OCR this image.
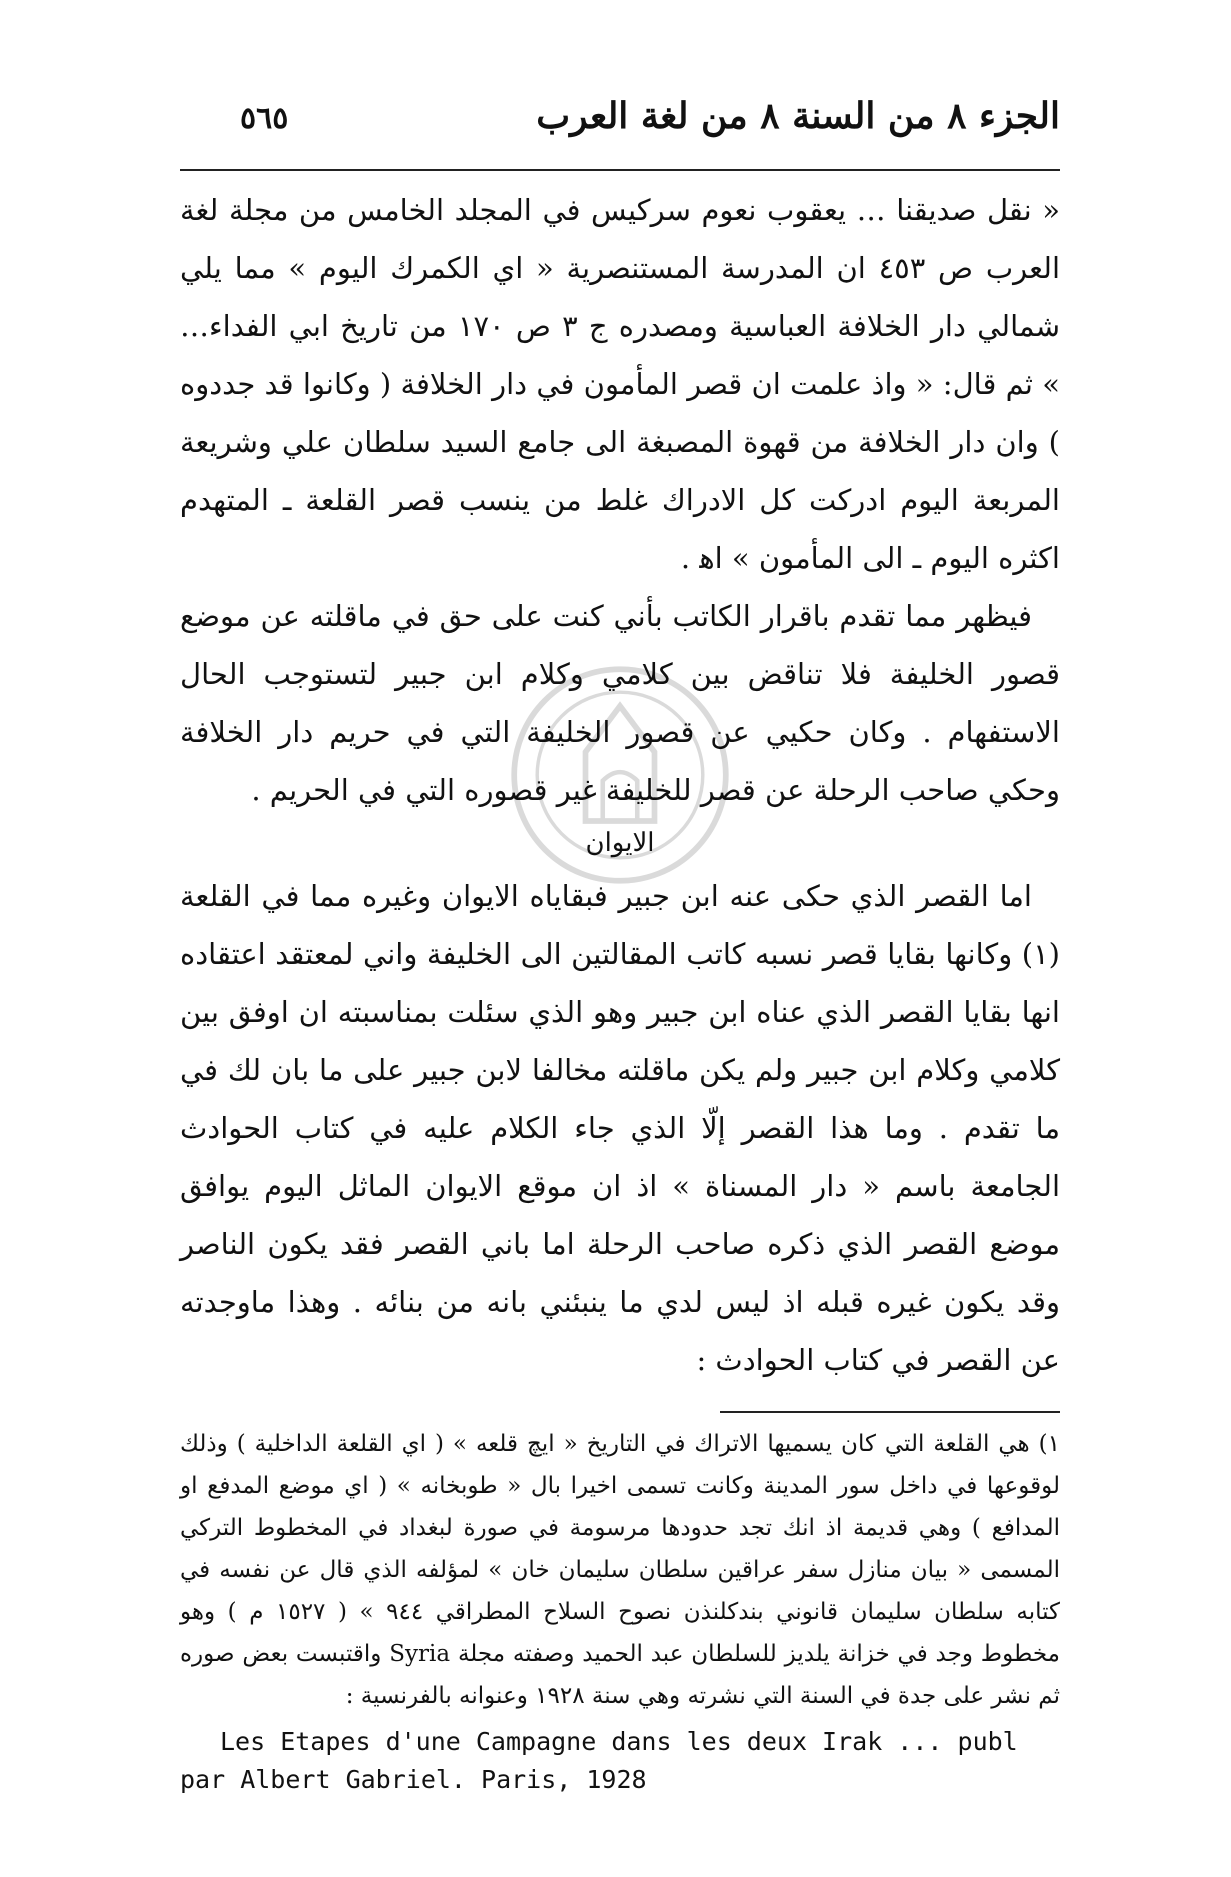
الجزء ٨ من السنة ٨ من لغة العرب
٥٦٥

« نقل صديقنا … يعقوب نعوم سركيس في المجلد الخامس من مجلة لغة العرب ص ٤٥٣ ان المدرسة المستنصرية « اي الكمرك اليوم » مما يلي شمالي دار الخلافة العباسية ومصدره ج ٣ ص ١٧٠ من تاريخ ابي الفداء… » ثم قال: « واذ علمت ان قصر المأمون في دار الخلافة ( وكانوا قد جددوه ) وان دار الخلافة من قهوة المصبغة الى جامع السيد سلطان علي وشريعة المربعة اليوم ادركت كل الادراك غلط من ينسب قصر القلعة ـ المتهدم اكثره اليوم ـ الى المأمون » اﻫ .

فيظهر مما تقدم باقرار الكاتب بأني كنت على حق في ماقلته عن موضع قصور الخليفة فلا تناقض بين كلامي وكلام ابن جبير لتستوجب الحال الاستفهام . وكان حكيي عن قصور الخليفة التي في حريم دار الخلافة وحكي صاحب الرحلة عن قصر للخليفة غير قصوره التي في الحريم .

الايوان

اما القصر الذي حكى عنه ابن جبير فبقاياه الايوان وغيره مما في القلعة (١) وكانها بقايا قصر نسبه كاتب المقالتين الى الخليفة واني لمعتقد اعتقاده انها بقايا القصر الذي عناه ابن جبير وهو الذي سئلت بمناسبته ان اوفق بين كلامي وكلام ابن جبير ولم يكن ماقلته مخالفا لابن جبير على ما بان لك في ما تقدم . وما هذا القصر إلّا الذي جاء الكلام عليه في كتاب الحوادث الجامعة باسم « دار المسناة » اذ ان موقع الايوان الماثل اليوم يوافق موضع القصر الذي ذكره صاحب الرحلة اما باني القصر فقد يكون الناصر وقد يكون غيره قبله اذ ليس لدي ما ينبئني بانه من بنائه . وهذا ماوجدته عن القصر في كتاب الحوادث :

١) هي القلعة التي كان يسميها الاتراك في التاريخ « ايچ قلعه » ( اي القلعة الداخلية ) وذلك لوقوعها في داخل سور المدينة وكانت تسمى اخيرا بال « طوبخانه » ( اي موضع المدفع او المدافع ) وهي قديمة اذ انك تجد حدودها مرسومة في صورة لبغداد في المخطوط التركي المسمى « بيان منازل سفر عراقين سلطان سليمان خان » لمؤلفه الذي قال عن نفسه في كتابه سلطان سليمان قانوني بندكلنذن نصوح السلاح المطراقي ٩٤٤ » ( ١٥٢٧ م ) وهو مخطوط وجد في خزانة يلديز للسلطان عبد الحميد وصفته مجلة Syria واقتبست بعض صوره ثم نشر على جدة في السنة التي نشرته وهي سنة ١٩٢٨ وعنوانه بالفرنسية :

Les Etapes d'une Campagne dans les deux Irak ... publ
par Albert Gabriel. Paris, 1928
